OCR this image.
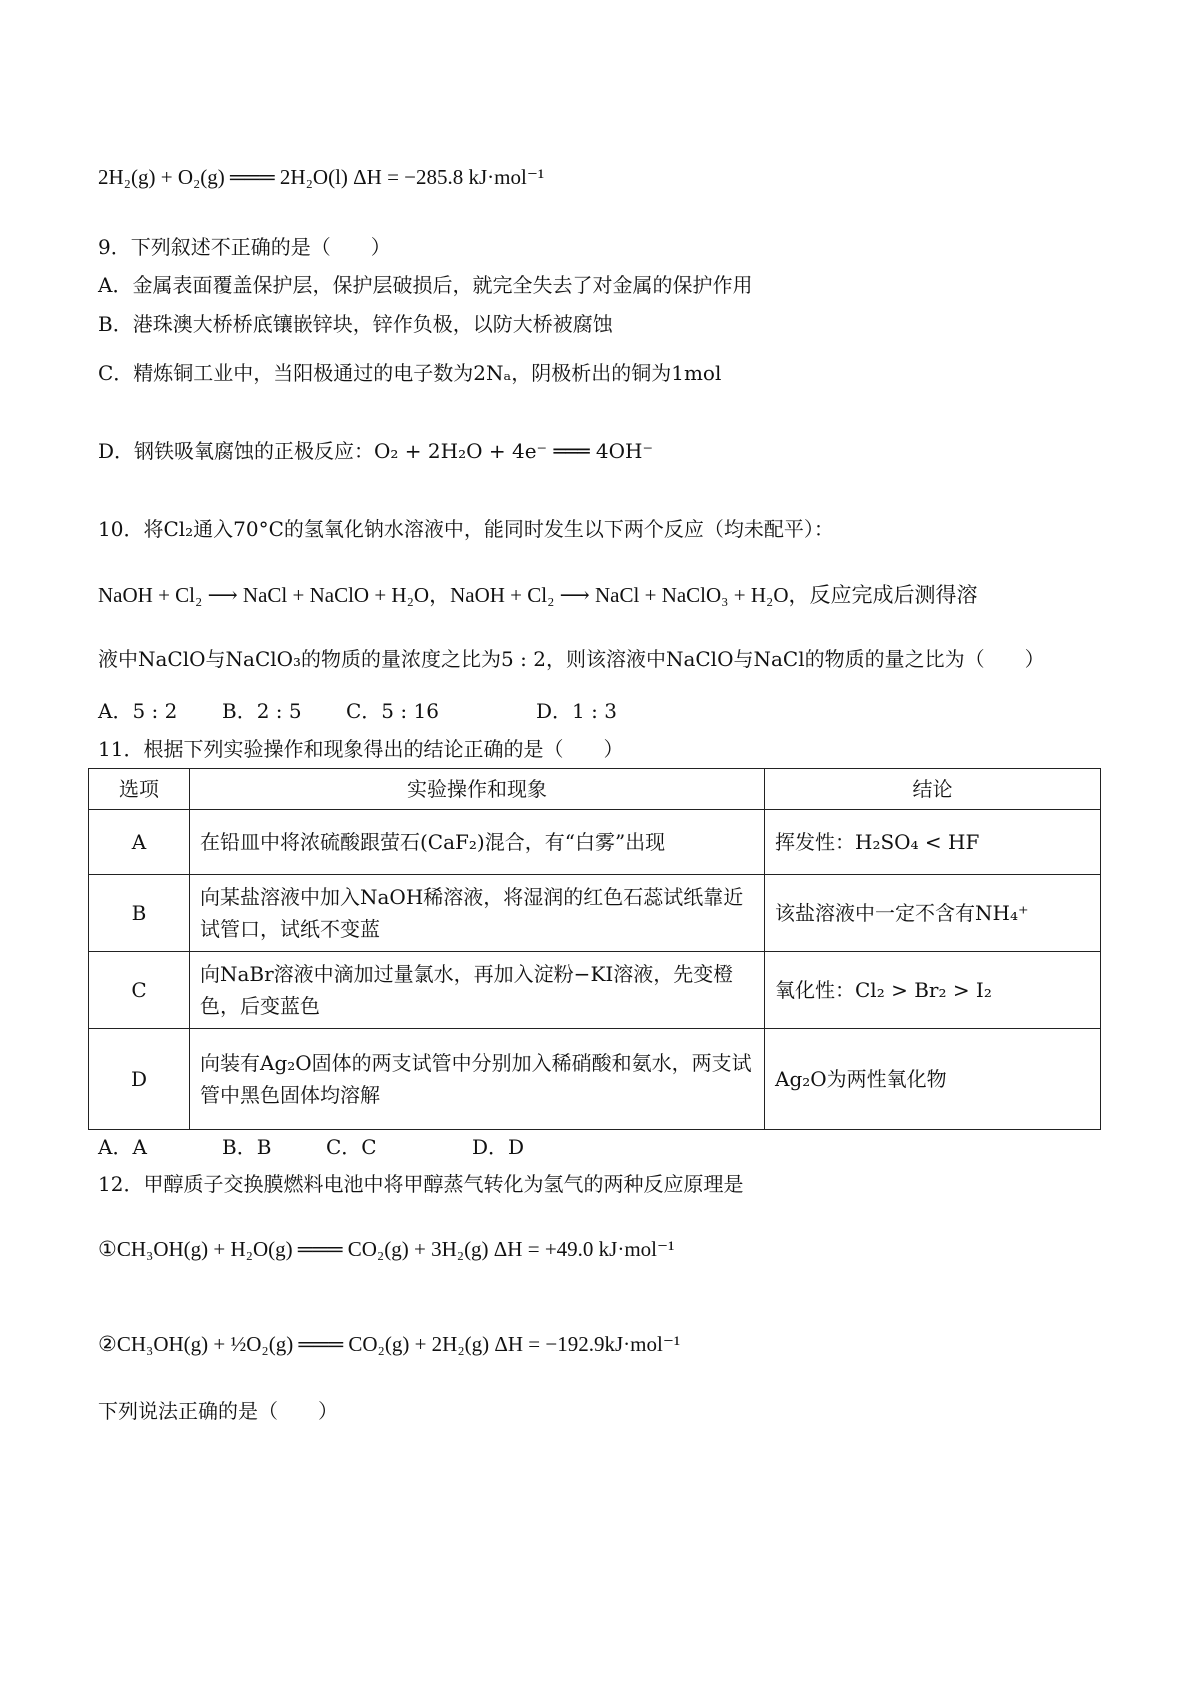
2H₂(g) + O₂(g) ═══ 2H₂O(l) ΔH = −285.8 kJ·mol⁻¹
9．下列叙述不正确的是（　　）
A．金属表面覆盖保护层，保护层破损后，就完全失去了对金属的保护作用
B．港珠澳大桥桥底镶嵌锌块，锌作负极，以防大桥被腐蚀
C．精炼铜工业中，当阳极通过的电子数为2Nₐ，阴极析出的铜为1mol
D．钢铁吸氧腐蚀的正极反应：O₂ + 2H₂O + 4e⁻ ═══ 4OH⁻
10．将Cl₂通入70°C的氢氧化钠水溶液中，能同时发生以下两个反应（均未配平）：
NaOH + Cl₂ ⟶ NaCl + NaClO + H₂O，NaOH + Cl₂ ⟶ NaCl + NaClO₃ + H₂O，反应完成后测得溶
液中NaClO与NaClO₃的物质的量浓度之比为5 : 2，则该溶液中NaClO与NaCl的物质的量之比为（　　）
A．5 : 2 B．2 : 5 C．5 : 16	D．1 : 3
11．根据下列实验操作和现象得出的结论正确的是（　　）
选项	实验操作和现象	结论
A	在铅皿中将浓硫酸跟萤石(CaF₂)混合，有“白雾”出现	挥发性：H₂SO₄ < HF
B	向某盐溶液中加入NaOH稀溶液，将湿润的红色石蕊试纸靠近试管口，试纸不变蓝	该盐溶液中一定不含有NH₄⁺
C	向NaBr溶液中滴加过量氯水，再加入淀粉−KI溶液，先变橙色，后变蓝色	氧化性：Cl₂ > Br₂ > I₂
D	向装有Ag₂O固体的两支试管中分别加入稀硝酸和氨水，两支试管中黑色固体均溶解	Ag₂O为两性氧化物
A．A	B．B	C．C	D．D
12．甲醇质子交换膜燃料电池中将甲醇蒸气转化为氢气的两种反应原理是
①CH₃OH(g) + H₂O(g) ═══ CO₂(g) + 3H₂(g) ΔH = +49.0 kJ·mol⁻¹
②CH₃OH(g) + ½O₂(g) ═══ CO₂(g) + 2H₂(g) ΔH = −192.9kJ·mol⁻¹
下列说法正确的是（　　）
